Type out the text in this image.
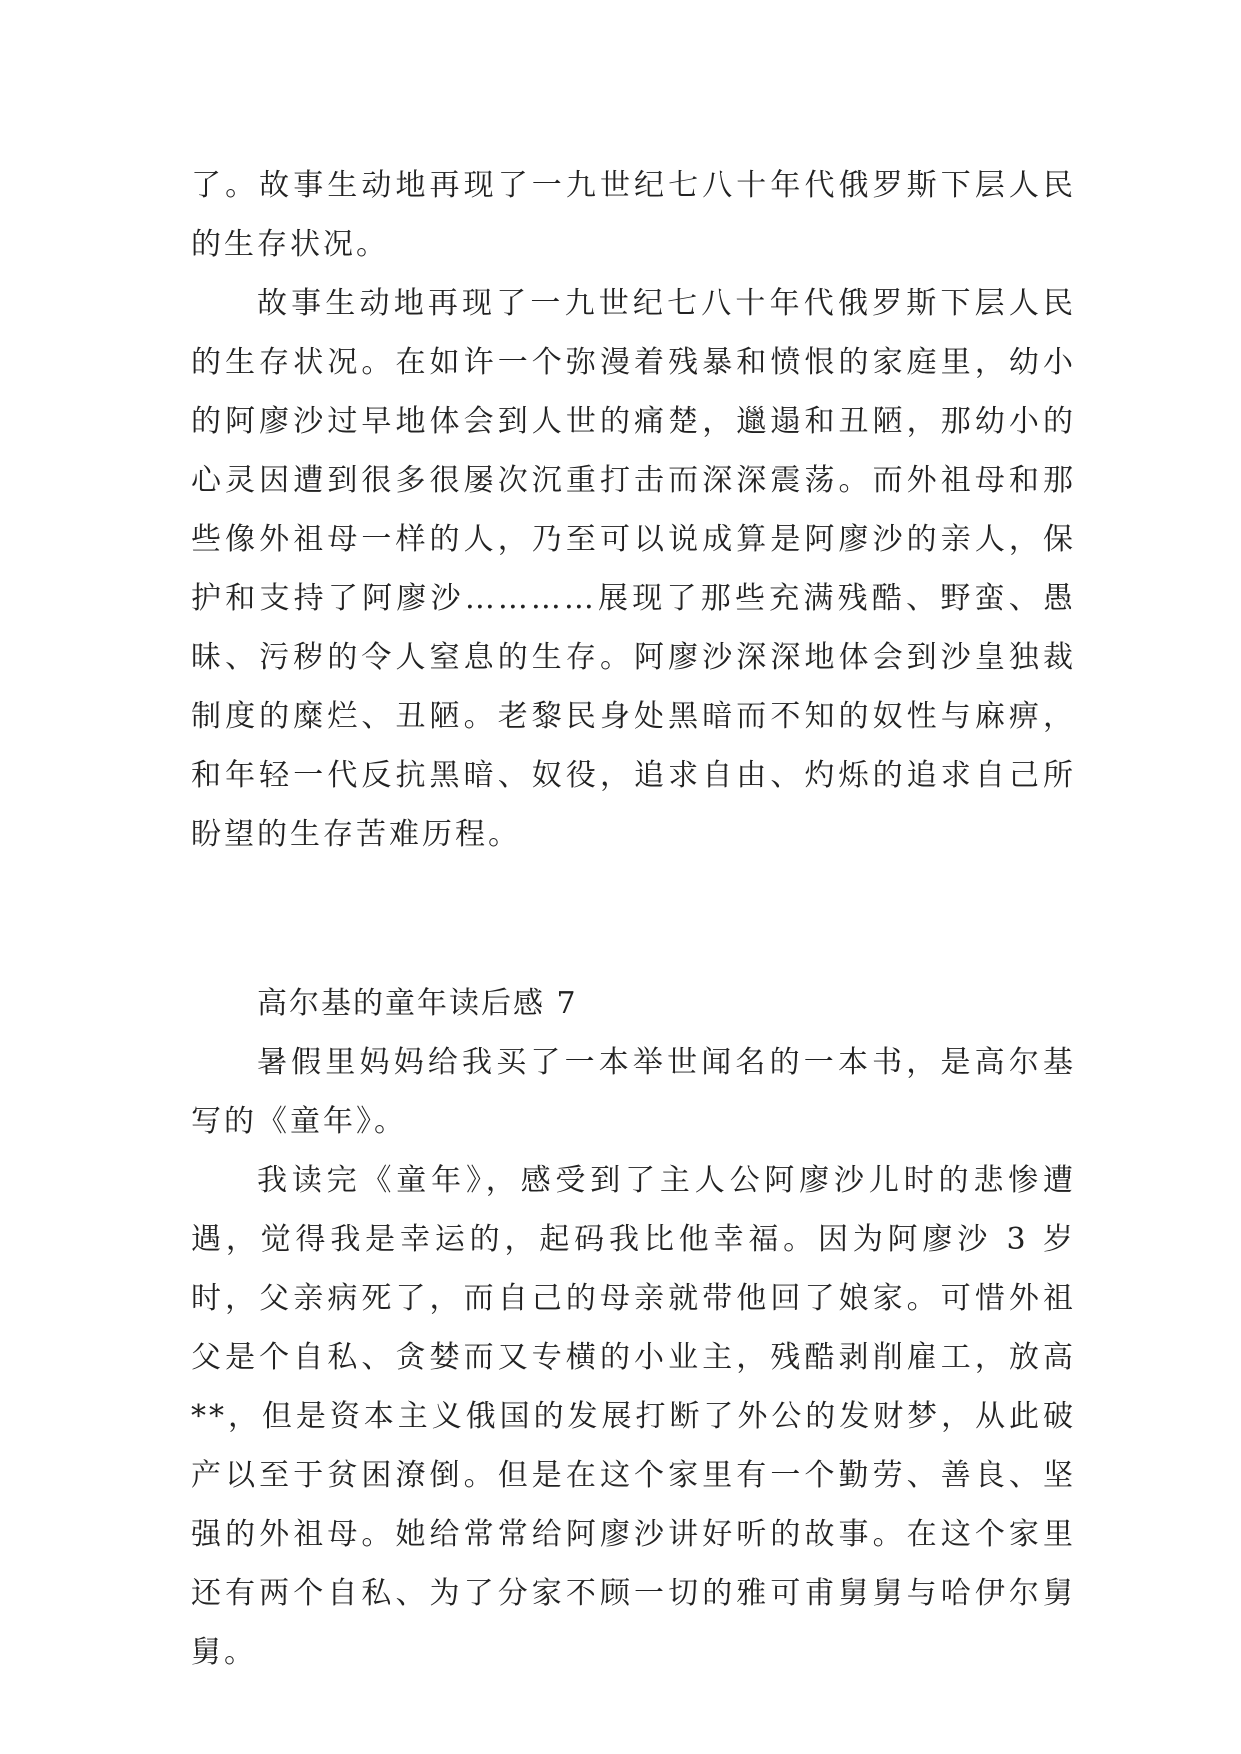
了。故事生动地再现了一九世纪七八十年代俄罗斯下层人民的生存状况。

故事生动地再现了一九世纪七八十年代俄罗斯下层人民的生存状况。在如许一个弥漫着残暴和愤恨的家庭里，幼小的阿廖沙过早地体会到人世的痛楚，邋遢和丑陋，那幼小的心灵因遭到很多很屡次沉重打击而深深震荡。而外祖母和那些像外祖母一样的人，乃至可以说成算是阿廖沙的亲人，保护和支持了阿廖沙…………展现了那些充满残酷、野蛮、愚昧、污秽的令人窒息的生存。阿廖沙深深地体会到沙皇独裁制度的糜烂、丑陋。老黎民身处黑暗而不知的奴性与麻痹，和年轻一代反抗黑暗、奴役，追求自由、灼烁的追求自己所盼望的生存苦难历程。

高尔基的童年读后感 7

暑假里妈妈给我买了一本举世闻名的一本书，是高尔基写的《童年》。

我读完《童年》，感受到了主人公阿廖沙儿时的悲惨遭遇，觉得我是幸运的，起码我比他幸福。因为阿廖沙 3 岁时，父亲病死了，而自己的母亲就带他回了娘家。可惜外祖父是个自私、贪婪而又专横的小业主，残酷剥削雇工，放高**，但是资本主义俄国的发展打断了外公的发财梦，从此破产以至于贫困潦倒。但是在这个家里有一个勤劳、善良、坚强的外祖母。她给常常给阿廖沙讲好听的故事。在这个家里还有两个自私、为了分家不顾一切的雅可甫舅舅与哈伊尔舅舅。
